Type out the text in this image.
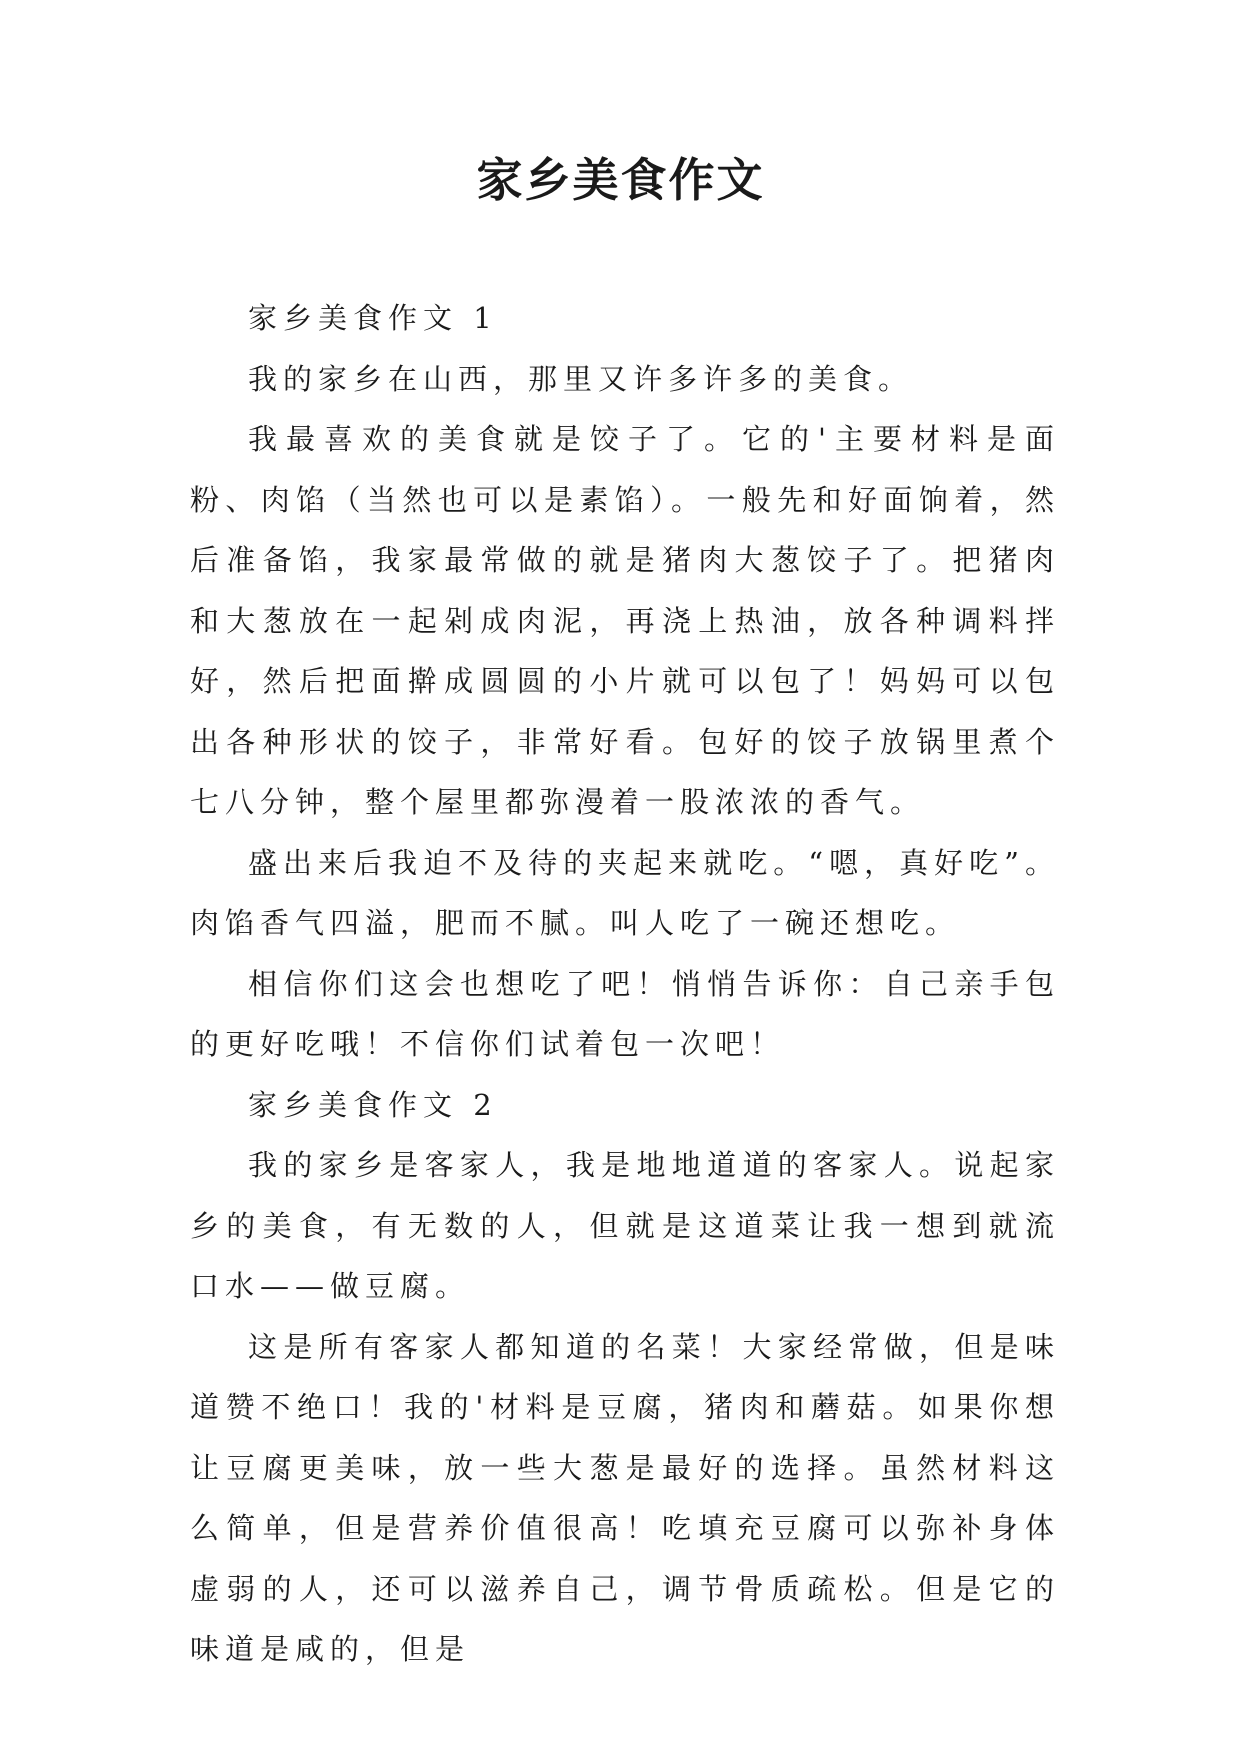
家乡美食作文

家乡美食作文 1

我的家乡在山西，那里又许多许多的美食。

我最喜欢的美食就是饺子了。它的'主要材料是面粉、肉馅（当然也可以是素馅）。一般先和好面饷着，然后准备馅，我家最常做的就是猪肉大葱饺子了。把猪肉和大葱放在一起剁成肉泥，再浇上热油，放各种调料拌好，然后把面擀成圆圆的小片就可以包了！妈妈可以包出各种形状的饺子，非常好看。包好的饺子放锅里煮个七八分钟，整个屋里都弥漫着一股浓浓的香气。

盛出来后我迫不及待的夹起来就吃。“嗯，真好吃”。肉馅香气四溢，肥而不腻。叫人吃了一碗还想吃。

相信你们这会也想吃了吧！悄悄告诉你：自己亲手包的更好吃哦！不信你们试着包一次吧！

家乡美食作文 2

我的家乡是客家人，我是地地道道的客家人。说起家乡的美食，有无数的人，但就是这道菜让我一想到就流口水——做豆腐。

这是所有客家人都知道的名菜！大家经常做，但是味道赞不绝口！我的'材料是豆腐，猪肉和蘑菇。如果你想让豆腐更美味，放一些大葱是最好的选择。虽然材料这么简单，但是营养价值很高！吃填充豆腐可以弥补身体虚弱的人，还可以滋养自己，调节骨质疏松。但是它的味道是咸的，但是
